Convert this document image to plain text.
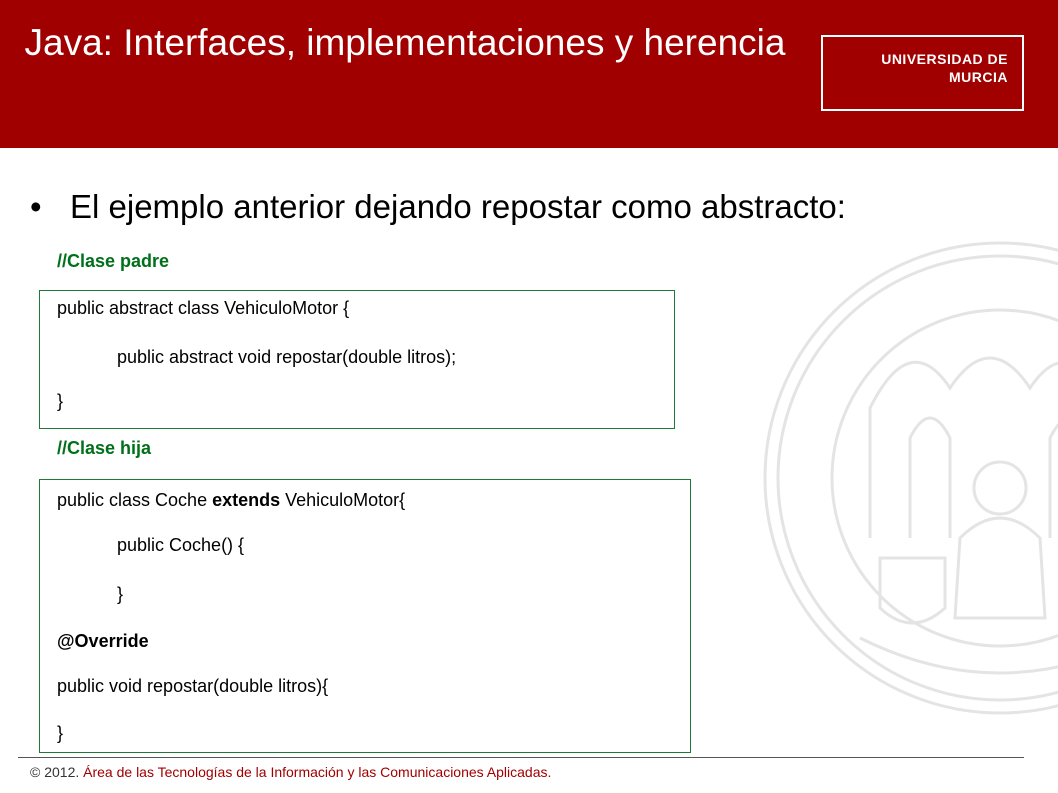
Java: Interfaces, implementaciones y herencia	UNIVERSIDAD DE
MURCIA
• El ejemplo anterior dejando repostar como abstracto:
//Clase padre
public abstract class VehiculoMotor {
public abstract void repostar(double litros);
}
//Clase hija
public class Coche extends VehiculoMotor{
public Coche() {
}
@Override
public void repostar(double litros){
}
© 2012. Área de las Tecnologías de la Información y las Comunicaciones Aplicadas.
